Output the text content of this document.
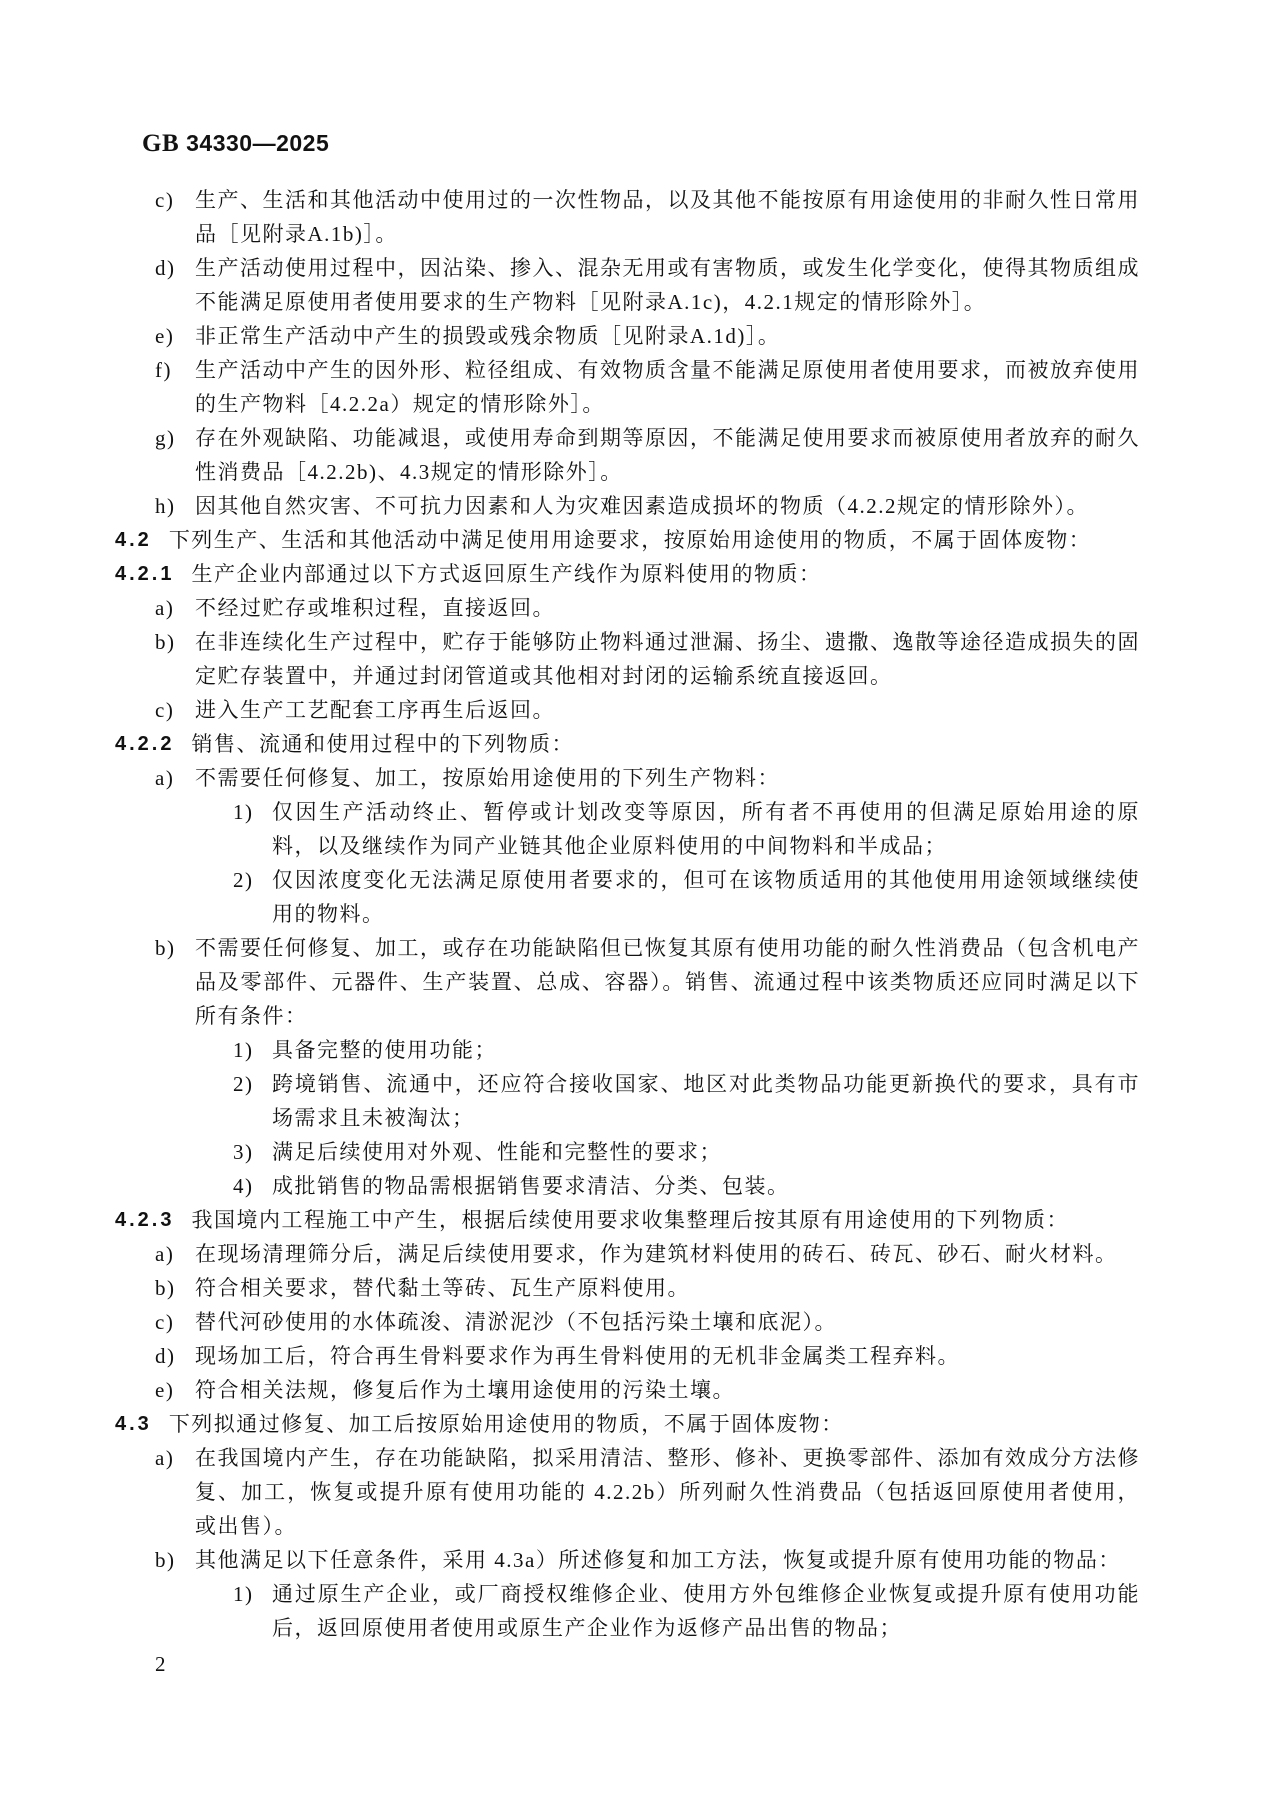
GB 34330—2025
c) 生产、生活和其他活动中使用过的一次性物品，以及其他不能按原有用途使用的非耐久性日常用品［见附录A.1b)］。
d) 生产活动使用过程中，因沾染、掺入、混杂无用或有害物质，或发生化学变化，使得其物质组成不能满足原使用者使用要求的生产物料［见附录A.1c)，4.2.1规定的情形除外］。
e) 非正常生产活动中产生的损毁或残余物质［见附录A.1d)］。
f)	生产活动中产生的因外形、粒径组成、有效物质含量不能满足原使用者使用要求，而被放弃使用的生产物料［4.2.2a）规定的情形除外］。
g) 存在外观缺陷、功能减退，或使用寿命到期等原因，不能满足使用要求而被原使用者放弃的耐久性消费品［4.2.2b)、4.3规定的情形除外］。
h) 因其他自然灾害、不可抗力因素和人为灾难因素造成损坏的物质（4.2.2规定的情形除外）。
4.2 下列生产、生活和其他活动中满足使用用途要求，按原始用途使用的物质，不属于固体废物：
4.2.1 生产企业内部通过以下方式返回原生产线作为原料使用的物质：
a) 不经过贮存或堆积过程，直接返回。
b) 在非连续化生产过程中，贮存于能够防止物料通过泄漏、扬尘、遗撒、逸散等途径造成损失的固定贮存装置中，并通过封闭管道或其他相对封闭的运输系统直接返回。
c) 进入生产工艺配套工序再生后返回。
4.2.2 销售、流通和使用过程中的下列物质：
a) 不需要任何修复、加工，按原始用途使用的下列生产物料：
1) 仅因生产活动终止、暂停或计划改变等原因，所有者不再使用的但满足原始用途的原料，以及继续作为同产业链其他企业原料使用的中间物料和半成品；
2) 仅因浓度变化无法满足原使用者要求的，但可在该物质适用的其他使用用途领域继续使用的物料。
b) 不需要任何修复、加工，或存在功能缺陷但已恢复其原有使用功能的耐久性消费品（包含机电产品及零部件、元器件、生产装置、总成、容器）。销售、流通过程中该类物质还应同时满足以下所有条件：
1) 具备完整的使用功能；
2) 跨境销售、流通中，还应符合接收国家、地区对此类物品功能更新换代的要求，具有市场需求且未被淘汰；
3) 满足后续使用对外观、性能和完整性的要求；
4) 成批销售的物品需根据销售要求清洁、分类、包装。
4.2.3 我国境内工程施工中产生，根据后续使用要求收集整理后按其原有用途使用的下列物质：
a) 在现场清理筛分后，满足后续使用要求，作为建筑材料使用的砖石、砖瓦、砂石、耐火材料。
b) 符合相关要求，替代黏土等砖、瓦生产原料使用。
c) 替代河砂使用的水体疏浚、清淤泥沙（不包括污染土壤和底泥）。
d) 现场加工后，符合再生骨料要求作为再生骨料使用的无机非金属类工程弃料。
e) 符合相关法规，修复后作为土壤用途使用的污染土壤。
4.3 下列拟通过修复、加工后按原始用途使用的物质，不属于固体废物：
a) 在我国境内产生，存在功能缺陷，拟采用清洁、整形、修补、更换零部件、添加有效成分方法修复、加工，恢复或提升原有使用功能的 4.2.2b）所列耐久性消费品（包括返回原使用者使用，或出售）。
b) 其他满足以下任意条件，采用 4.3a）所述修复和加工方法，恢复或提升原有使用功能的物品：
1) 通过原生产企业，或厂商授权维修企业、使用方外包维修企业恢复或提升原有使用功能后，返回原使用者使用或原生产企业作为返修产品出售的物品；
2
